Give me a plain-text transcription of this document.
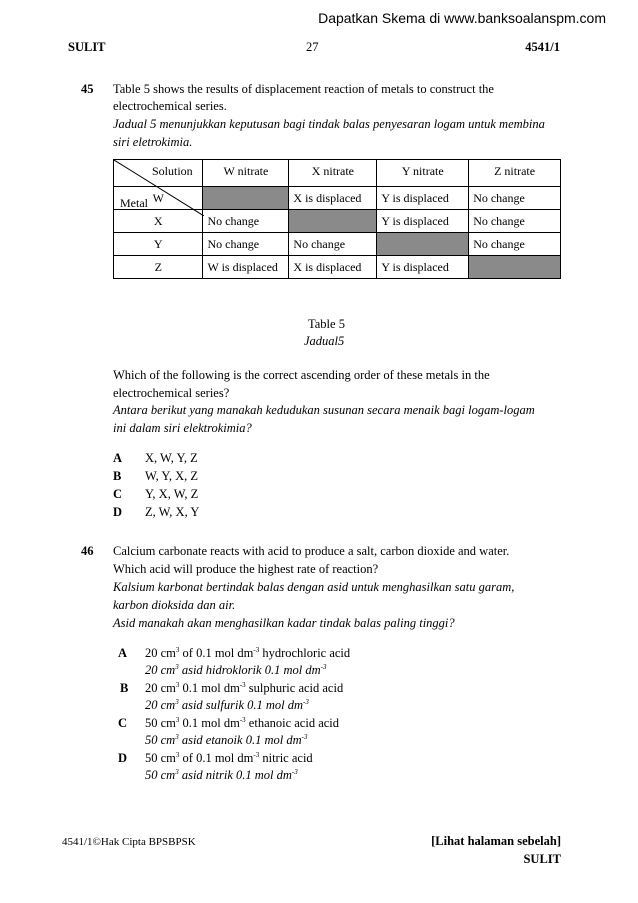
Dapatkan Skema di www.banksoalanspm.com
SULIT	27	4541/1
45 Table 5 shows the results of displacement reaction of metals to construct the
electrochemical series.
Jadual 5 menunjukkan keputusan bagi tindak balas penyesaran logam untuk membina
siri eletrokimia.
Solution
Metal	W nitrate	X nitrate	Y nitrate	Z nitrate
W		X is displaced	Y is displaced	No change
X	No change		Y is displaced	No change
Y	No change	No change		No change
Z	W is displaced	X is displaced	Y is displaced	
Table 5
Jadual5
Which of the following is the correct ascending order of these metals in the
electrochemical series?
Antara berikut yang manakah kedudukan susunan secara menaik bagi logam-logam
ini dalam siri elektrokimia?
A X, W, Y, Z
B W, Y, X, Z
C Y, X, W, Z
D Z, W, X, Y
46 Calcium carbonate reacts with acid to produce a salt, carbon dioxide and water.
Which acid will produce the highest rate of reaction?
Kalsium karbonat bertindak balas dengan asid untuk menghasilkan satu garam,
karbon dioksida dan air.
Asid manakah akan menghasilkan kadar tindak balas paling tinggi?
A 20 $cm^3$ of 0.1 mol $dm^{-3}$ hydrochloric acid
20 $cm^3$ asid hidroklorik 0.1 mol $dm^{-3}$
B 20 $cm^3$ 0.1 mol $dm^{-3}$ sulphuric acid acid
20 $cm^3$ asid sulfurik 0.1 mol $dm^{-3}$
C 50 $cm^3$ 0.1 mol $dm^{-3}$ ethanoic acid acid
50 $cm^3$ asid etanoik 0.1 mol $dm^{-3}$
D 50 $cm^3$ of 0.1 mol $dm^{-3}$ nitric acid
50 $cm^3$ asid nitrik 0.1 mol $dm^{-3}$
4541/1©Hak Cipta BPSBPSK	[Lihat halaman sebelah]
SULIT
